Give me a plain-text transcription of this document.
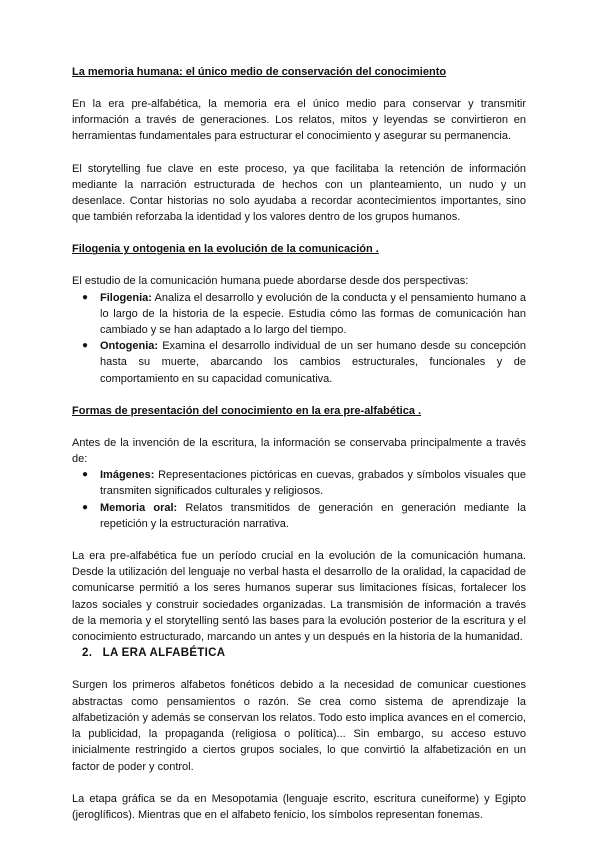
La memoria humana: el único medio de conservación del conocimiento

En la era pre-alfabética, la memoria era el único medio para conservar y transmitir información a través de generaciones. Los relatos, mitos y leyendas se convirtieron en herramientas fundamentales para estructurar el conocimiento y asegurar su permanencia.

El storytelling fue clave en este proceso, ya que facilitaba la retención de información mediante la narración estructurada de hechos con un planteamiento, un nudo y un desenlace. Contar historias no solo ayudaba a recordar acontecimientos importantes, sino que también reforzaba la identidad y los valores dentro de los grupos humanos.

Filogenia y ontogenia en la evolución de la comunicación .

El estudio de la comunicación humana puede abordarse desde dos perspectivas:

● Filogenia: Analiza el desarrollo y evolución de la conducta y el pensamiento humano a lo largo de la historia de la especie. Estudia cómo las formas de comunicación han cambiado y se han adaptado a lo largo del tiempo.
● Ontogenia: Examina el desarrollo individual de un ser humano desde su concepción hasta su muerte, abarcando los cambios estructurales, funcionales y de comportamiento en su capacidad comunicativa.
Formas de presentación del conocimiento en la era pre-alfabética .

Antes de la invención de la escritura, la información se conservaba principalmente a través de:

● Imágenes: Representaciones pictóricas en cuevas, grabados y símbolos visuales que transmiten significados culturales y religiosos.
● Memoria oral: Relatos transmitidos de generación en generación mediante la repetición y la estructuración narrativa.

La era pre-alfabética fue un período crucial en la evolución de la comunicación humana. Desde la utilización del lenguaje no verbal hasta el desarrollo de la oralidad, la capacidad de comunicarse permitió a los seres humanos superar sus limitaciones físicas, fortalecer los lazos sociales y construir sociedades organizadas. La transmisión de información a través de la memoria y el storytelling sentó las bases para la evolución posterior de la escritura y el conocimiento estructurado, marcando un antes y un después en la historia de la humanidad.

2.   LA ERA ALFABÉTICA

Surgen los primeros alfabetos fonéticos debido a la necesidad de comunicar cuestiones abstractas como pensamientos o razón. Se crea como sistema de aprendizaje la alfabetización y además se conservan los relatos. Todo esto implica avances en el comercio, la publicidad, la propaganda (religiosa o política)... Sin embargo, su acceso estuvo inicialmente restringido a ciertos grupos sociales, lo que convirtió la alfabetización en un factor de poder y control.

La etapa gráfica se da en Mesopotamia (lenguaje escrito, escritura cuneiforme) y Egipto (jeroglíficos). Mientras que en el alfabeto fenicio, los símbolos representan fonemas.
